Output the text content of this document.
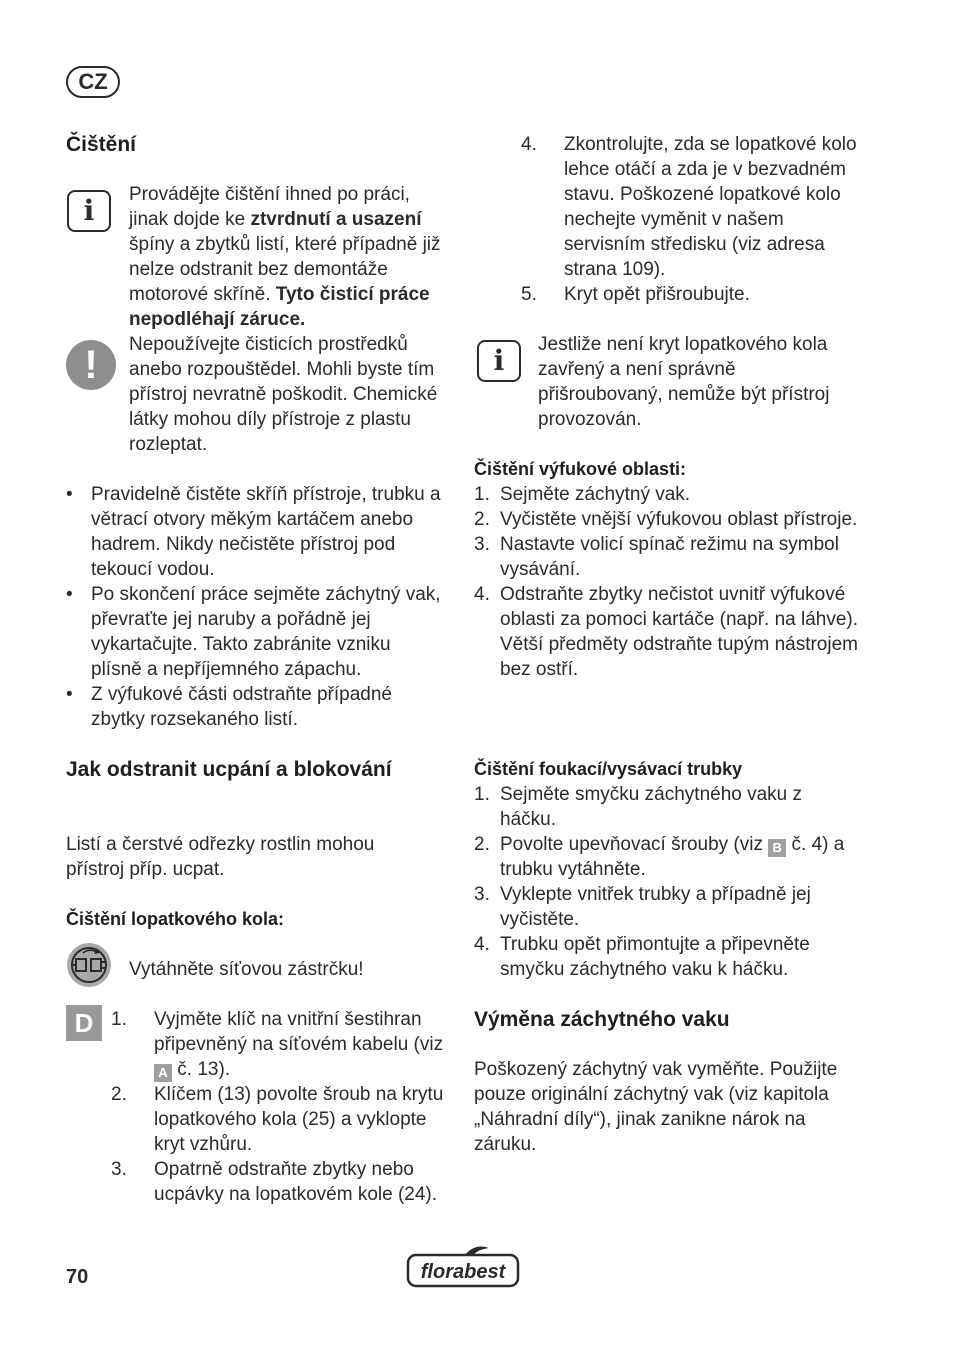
CZ
Čištění
i	Provádějte čištění ihned po práci, jinak dojde ke ztvrdnutí a usazení špíny a zbytků listí, které případně již nelze odstranit bez demontáže motorové skříně. Tyto čisticí práce nepodléhají záruce.

!	Nepoužívejte čisticích prostředků anebo rozpouštědel. Mohli byste tím přístroj nevratně poškodit. Chemické látky mohou díly přístroje z plastu rozleptat.

• Pravidelně čistěte skříň přístroje, trubku a větrací otvory měkým kartáčem anebo hadrem. Nikdy nečistěte přístroj pod tekoucí vodou.
• Po skončení práce sejměte záchytný vak, převraťte jej naruby a pořádně jej vykartačujte. Takto zabránite vzniku plísně a nepříjemného zápachu.
• Z výfukové části odstraňte případné zbytky rozsekaného listí.
Jak odstranit ucpání a blokování

Listí a čerstvé odřezky rostlin mohou přístroj příp. ucpat.

Čištění lopatkového kola:

Vytáhněte síťovou zástrčku!

D 1. Vyjměte klíč na vnitřní šestihran připevněný na síťovém kabelu (viz A č. 13).
2. Klíčem (13) povolte šroub na krytu lopatkového kola (25) a vyklopte kryt vzhůru.
3. Opatrně odstraňte zbytky nebo ucpávky na lopatkovém kole (24).
4. Zkontrolujte, zda se lopatkové kolo lehce otáčí a zda je v bezvadném stavu. Poškozené lopatkové kolo nechejte vyměnit v našem servisním středisku (viz adresa strana 109).
5. Kryt opět přišroubujte.
i	Jestliže není kryt lopatkového kola zavřený a není správně přišroubovaný, nemůže být přístroj provozován.

Čištění výfukové oblasti:
1. Sejměte záchytný vak.
2. Vyčistěte vnější výfukovou oblast přístroje.
3. Nastavte volicí spínač režimu na symbol vysávání.
4. Odstraňte zbytky nečistot uvnitř výfukové oblasti za pomoci kartáče (např. na láhve).
Větší předměty odstraňte tupým nástrojem bez ostří.
Čištění foukací/vysávací trubky
1. Sejměte smyčku záchytného vaku z háčku.
2. Povolte upevňovací šrouby (viz B č. 4) a trubku vytáhněte.
3. Vyklepte vnitřek trubky a případně jej vyčistěte.
4. Trubku opět přimontujte a připevněte smyčku záchytného vaku k háčku.
Výměna záchytného vaku

Poškozený záchytný vak vyměňte. Použijte pouze originální záchytný vak (viz kapitola „Náhradní díly“), jinak zanikne nárok na záruku.

70	florabest
